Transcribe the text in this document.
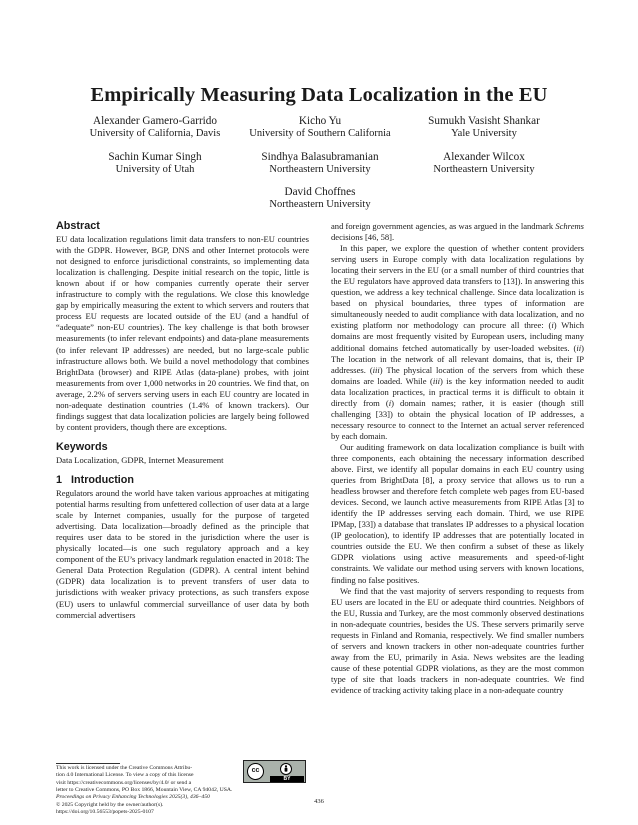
Empirically Measuring Data Localization in the EU
Alexander Gamero-Garrido
University of California, Davis
Kicho Yu
University of Southern California
Sumukh Vasisht Shankar
Yale University
Sachin Kumar Singh
University of Utah
Sindhya Balasubramanian
Northeastern University
Alexander Wilcox
Northeastern University
David Choffnes
Northeastern University
Abstract

EU data localization regulations limit data transfers to non-EU countries with the GDPR. However, BGP, DNS and other Internet protocols were not designed to enforce jurisdictional constraints, so implementing data localization is challenging. Despite initial research on the topic, little is known about if or how companies currently operate their server infrastructure to comply with the regulations. We close this knowledge gap by empirically measuring the extent to which servers and routers that process EU requests are located outside of the EU (and a handful of “adequate” non-EU countries). The key challenge is that both browser measurements (to infer relevant endpoints) and data-plane measurements (to infer relevant IP addresses) are needed, but no large-scale public infrastructure allows both. We build a novel methodology that combines BrightData (browser) and RIPE Atlas (data-plane) probes, with joint measurements from over 1,000 networks in 20 countries. We find that, on average, 2.2% of servers serving users in each EU country are located in non-adequate destination countries (1.4% of known trackers). Our findings suggest that data localization policies are largely being followed by content providers, though there are exceptions.

Keywords

Data Localization, GDPR, Internet Measurement

1 Introduction

Regulators around the world have taken various approaches at mitigating potential harms resulting from unfettered collection of user data at a large scale by Internet companies, usually for the purpose of targeted advertising. Data localization—broadly defined as the principle that requires user data to be stored in the jurisdiction where the user is physically located—is one such regulatory approach and a key component of the EU’s privacy landmark regulation enacted in 2018: The General Data Protection Regulation (GDPR). A central intent behind (GDPR) data localization is to prevent transfers of user data to jurisdictions with weaker privacy protections, as such transfers expose (EU) users to unlawful commercial surveillance of user data by both commercial advertisers

and foreign government agencies, as was argued in the landmark Schrems decisions [46, 58].

In this paper, we explore the question of whether content providers serving users in Europe comply with data localization regulations by locating their servers in the EU (or a small number of third countries that the EU regulators have approved data transfers to [13]). In answering this question, we address a key technical challenge. Since data localization is based on physical boundaries, three types of information are simultaneously needed to audit compliance with data localization, and no existing platform nor methodology can procure all three: (i) Which domains are most frequently visited by European users, including many additional domains fetched automatically by user-loaded websites. (ii) The location in the network of all relevant domains, that is, their IP addresses. (iii) The physical location of the servers from which these domains are loaded. While (iii) is the key information needed to audit data localization practices, in practical terms it is difficult to obtain it directly from (i) domain names; rather, it is easier (though still challenging [33]) to obtain the physical location of IP addresses, a necessary resource to connect to the Internet an actual server referenced by each domain.

Our auditing framework on data localization compliance is built with three components, each obtaining the necessary information described above. First, we identify all popular domains in each EU country using queries from BrightData [8], a proxy service that allows us to run a headless browser and therefore fetch complete web pages from EU-based devices. Second, we launch active measurements from RIPE Atlas [3] to identify the IP addresses serving each domain. Third, we use RIPE IPMap, [33]) a database that translates IP addresses to a physical location (IP geolocation), to identify IP addresses that are potentially located in countries outside the EU. We then confirm a subset of these as likely GDPR violations using active measurements and speed-of-light constraints. We validate our method using servers with known locations, finding no false positives.

We find that the vast majority of servers responding to requests from EU users are located in the EU or adequate third countries. Neighbors of the EU, Russia and Turkey, are the most commonly observed destinations in non-adequate countries, besides the US. These servers primarily serve requests in Finland and Romania, respectively. We find smaller numbers of servers and known trackers in other non-adequate countries further away from the EU, primarily in Asia. News websites are the leading cause of these potential GDPR violations, as they are the most common type of site that loads trackers in non-adequate countries. We find evidence of tracking activity taking place in a non-adequate country

This work is licensed under the Creative Commons Attribu-
tion 4.0 International License. To view a copy of this license
visit https://creativecommons.org/licenses/by/4.0/ or send a
letter to Creative Commons, PO Box 1866, Mountain View, CA 94042, USA.
Proceedings on Privacy Enhancing Technologies 2025(3), 436–450
© 2025 Copyright held by the owner/author(s).
https://doi.org/10.56553/popets-2025-0107
cc
BY
436
